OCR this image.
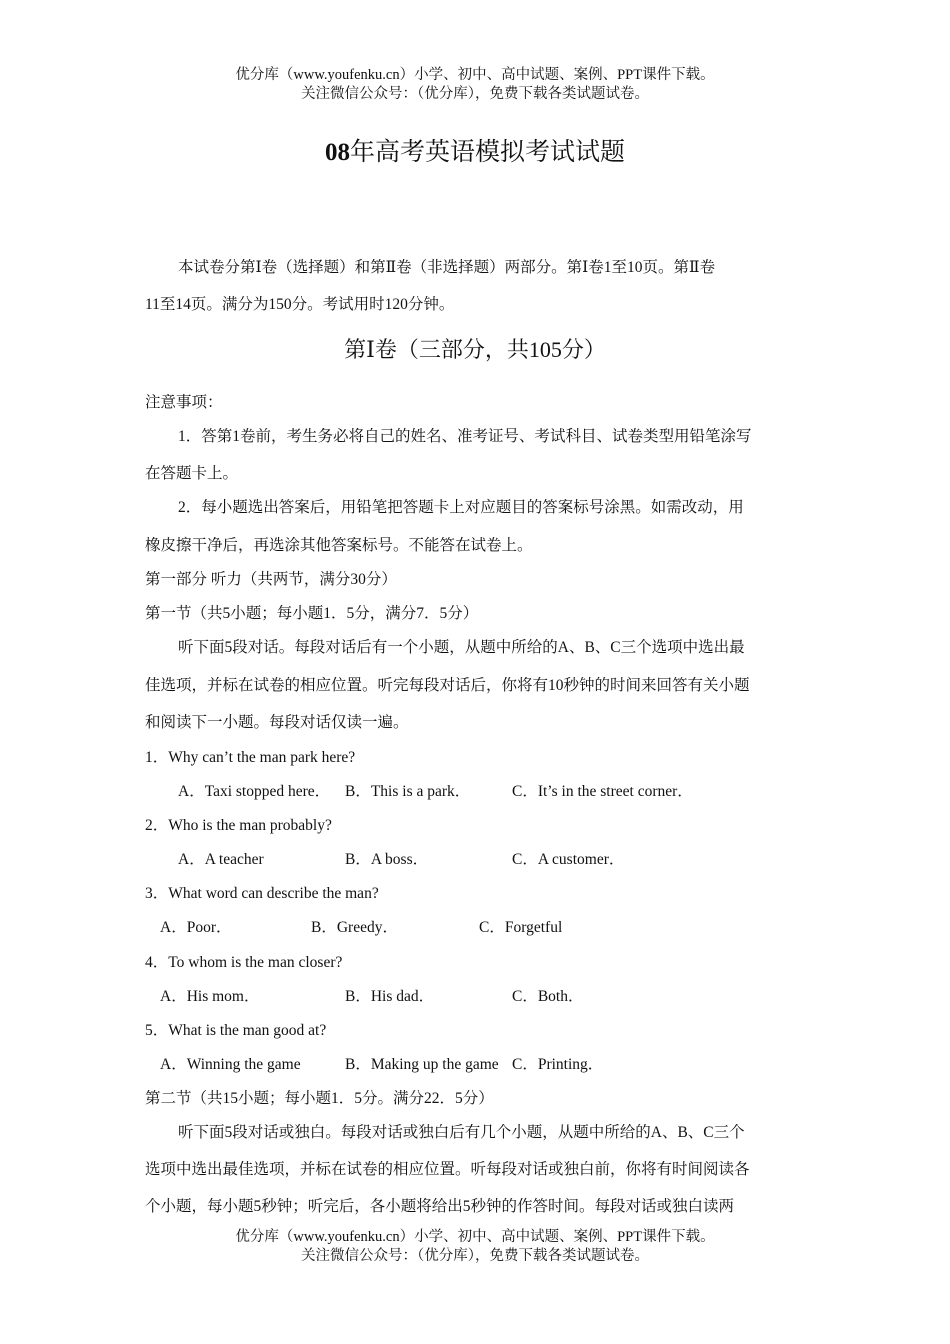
优分库（www.youfenku.cn）小学、初中、高中试题、案例、PPT课件下载。
关注微信公众号：（优分库），免费下载各类试题试卷。
08年高考英语模拟考试试题
本试卷分第Ⅰ卷（选择题）和第Ⅱ卷（非选择题）两部分。第Ⅰ卷1至10页。第Ⅱ卷
11至14页。满分为150分。考试用时120分钟。
第Ⅰ卷（三部分，共105分）
注意事项：
1．答第1卷前，考生务必将自己的姓名、准考证号、考试科目、试卷类型用铅笔涂写
在答题卡上。
2．每小题选出答案后，用铅笔把答题卡上对应题目的答案标号涂黑。如需改动，用
橡皮擦干净后，再选涂其他答案标号。不能答在试卷上。
第一部分 听力（共两节，满分30分）
第一节（共5小题；每小题1．5分，满分7．5分）
听下面5段对话。每段对话后有一个小题，从题中所给的A、B、C三个选项中选出最
佳选项，并标在试卷的相应位置。听完每段对话后，你将有10秒钟的时间来回答有关小题
和阅读下一小题。每段对话仅读一遍。
1．Why can’t the man park here?
A．Taxi stopped here． B．This is a park．	C．It’s in the street corner．
2．Who is the man probably?
A．A teacher	B．A boss．	C．A customer．
3．What word can describe the man?
A．Poor．	B．Greedy．	C．Forgetful
4．To whom is the man closer?
A．His mom．	B．His dad．	C．Both．
5．What is the man good at?
A．Winning the game	B．Making up the game C．Printing．
第二节（共15小题；每小题1．5分。满分22．5分）
听下面5段对话或独白。每段对话或独白后有几个小题，从题中所给的A、B、C三个
选项中选出最佳选项，并标在试卷的相应位置。听每段对话或独白前，你将有时间阅读各
个小题，每小题5秒钟；听完后，各小题将给出5秒钟的作答时间。每段对话或独白读两
优分库（www.youfenku.cn）小学、初中、高中试题、案例、PPT课件下载。
关注微信公众号：（优分库），免费下载各类试题试卷。
